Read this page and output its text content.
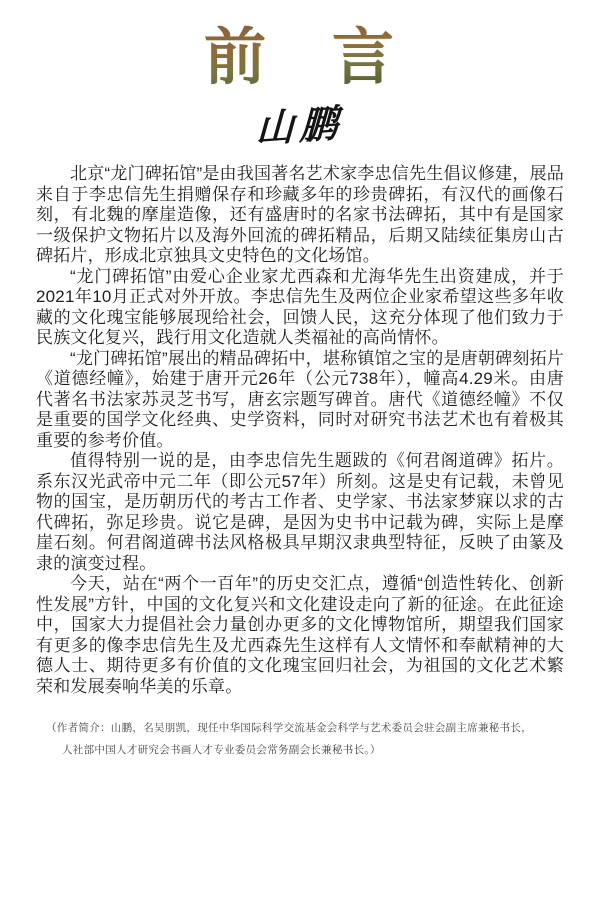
前　言
山鹏

北京“龙门碑拓馆”是由我国著名艺术家李忠信先生倡议修建，展品来自于李忠信先生捐赠保存和珍藏多年的珍贵碑拓，有汉代的画像石刻，有北魏的摩崖造像，还有盛唐时的名家书法碑拓，其中有是国家一级保护文物拓片以及海外回流的碑拓精品，后期又陆续征集房山古碑拓片，形成北京独具文史特色的文化场馆。

“龙门碑拓馆”由爱心企业家尤西森和尤海华先生出资建成，并于2021年10月正式对外开放。李忠信先生及两位企业家希望这些多年收藏的文化瑰宝能够展现给社会，回馈人民，这充分体现了他们致力于民族文化复兴，践行用文化造就人类福祉的高尚情怀。

“龙门碑拓馆”展出的精品碑拓中，堪称镇馆之宝的是唐朝碑刻拓片《道德经幢》，始建于唐开元26年（公元738年），幢高4.29米。由唐代著名书法家苏灵芝书写，唐玄宗题写碑首。唐代《道德经幢》不仅是重要的国学文化经典、史学资料，同时对研究书法艺术也有着极其重要的参考价值。

值得特别一说的是，由李忠信先生题跋的《何君阁道碑》拓片。系东汉光武帝中元二年（即公元57年）所刻。这是史有记载，未曾见物的国宝，是历朝历代的考古工作者、史学家、书法家梦寐以求的古代碑拓，弥足珍贵。说它是碑，是因为史书中记载为碑，实际上是摩崖石刻。何君阁道碑书法风格极具早期汉隶典型特征，反映了由篆及隶的演变过程。

今天，站在“两个一百年”的历史交汇点，遵循“创造性转化、创新性发展”方针，中国的文化复兴和文化建设走向了新的征途。在此征途中，国家大力提倡社会力量创办更多的文化博物馆所，期望我们国家有更多的像李忠信先生及尤西森先生这样有人文情怀和奉献精神的大德人士、期待更多有价值的文化瑰宝回归社会，为祖国的文化艺术繁荣和发展奏响华美的乐章。

（作者简介：山鹏，名吴朋凯，现任中华国际科学交流基金会科学与艺术委员会驻会副主席兼秘书长，
人社部中国人才研究会书画人才专业委员会常务副会长兼秘书长。）
